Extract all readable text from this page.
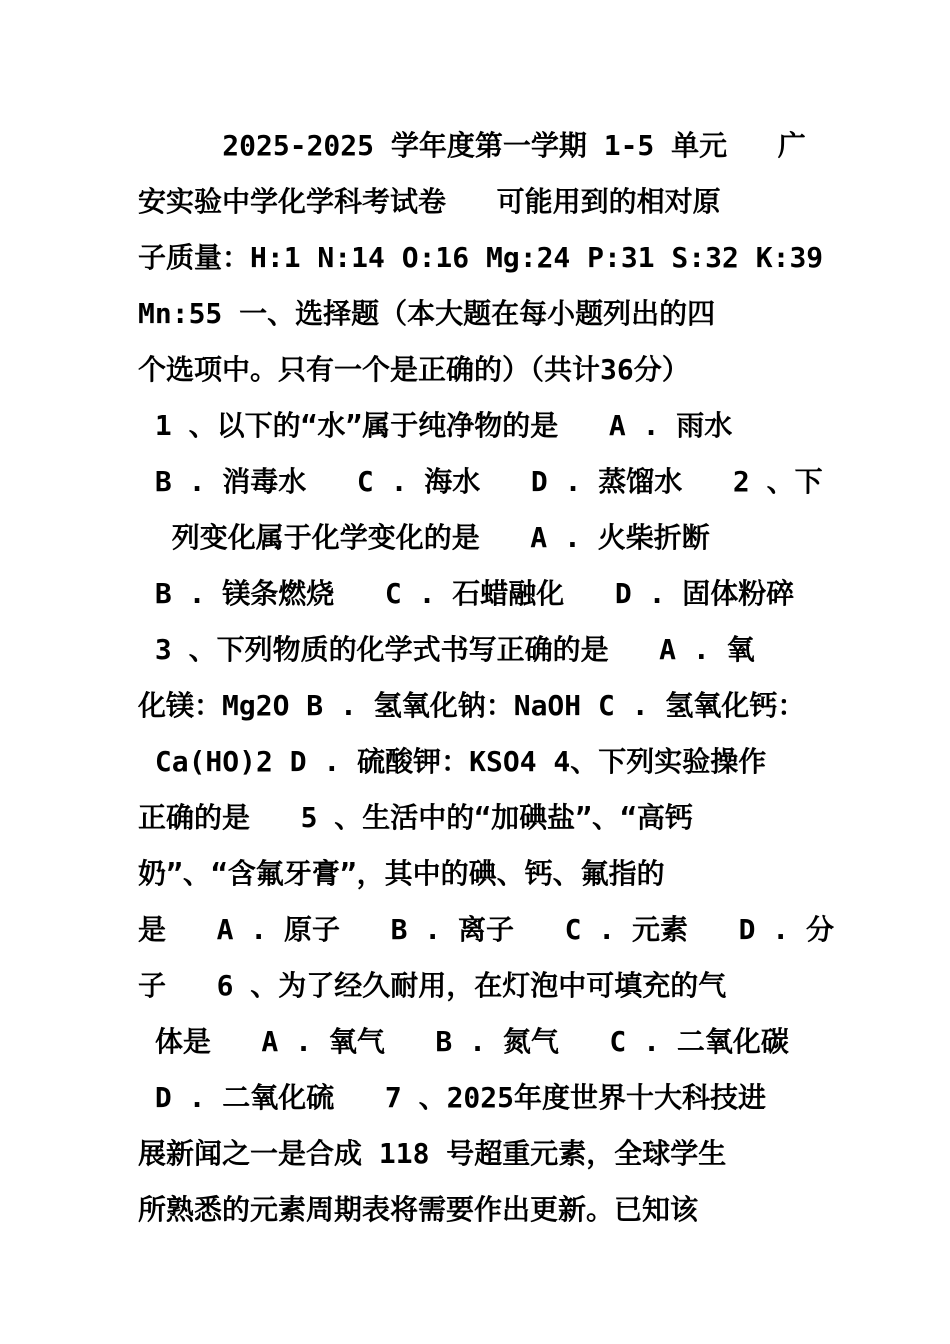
2025-2025 学年度第一学期 1-5 单元   广
安实验中学化学科考试卷   可能用到的相对原
子质量：H:1 N:14 O:16 Mg:24 P:31 S:32 K:39
Mn:55 一、选择题（本大题在每小题列出的四
个选项中。只有一个是正确的）（共计36分）
1 、以下的“水”属于纯净物的是   A . 雨水
B . 消毒水   C . 海水   D . 蒸馏水   2 、下
列变化属于化学变化的是   A . 火柴折断
B . 镁条燃烧   C . 石蜡融化   D . 固体粉碎
3 、下列物质的化学式书写正确的是   A . 氧
化镁：Mg2O B . 氢氧化钠：NaOH C . 氢氧化钙：
Ca(HO)2 D . 硫酸钾：KSO4 4、下列实验操作
正确的是   5 、生活中的“加碘盐”、“高钙
奶”、“含氟牙膏”，其中的碘、钙、氟指的
是   A . 原子   B . 离子   C . 元素   D . 分
子   6 、为了经久耐用，在灯泡中可填充的气
体是   A . 氧气   B . 氮气   C . 二氧化碳
D . 二氧化硫   7 、2025年度世界十大科技进
展新闻之一是合成 118 号超重元素，全球学生
所熟悉的元素周期表将需要作出更新。已知该
